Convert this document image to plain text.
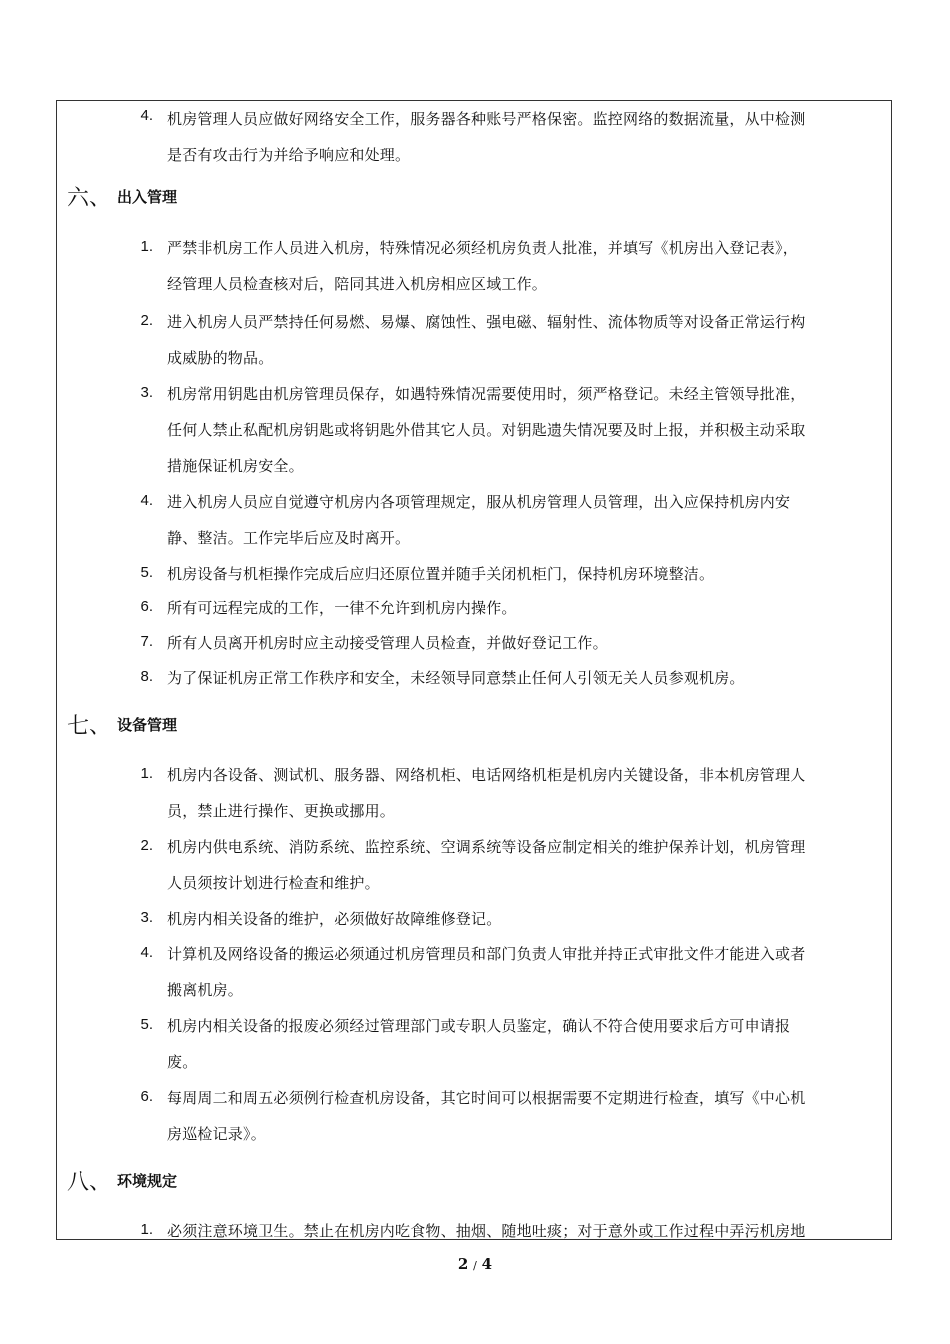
4. 机房管理人员应做好网络安全工作，服务器各种账号严格保密。监控网络的数据流量，从中检测
是否有攻击行为并给予响应和处理。
六、 出入管理
1. 严禁非机房工作人员进入机房，特殊情况必须经机房负责人批准，并填写《机房出入登记表》，
经管理人员检查核对后，陪同其进入机房相应区域工作。
2. 进入机房人员严禁持任何易燃、易爆、腐蚀性、强电磁、辐射性、流体物质等对设备正常运行构
成威胁的物品。
3. 机房常用钥匙由机房管理员保存，如遇特殊情况需要使用时，须严格登记。未经主管领导批准，
任何人禁止私配机房钥匙或将钥匙外借其它人员。对钥匙遗失情况要及时上报，并积极主动采取
措施保证机房安全。
4. 进入机房人员应自觉遵守机房内各项管理规定，服从机房管理人员管理，出入应保持机房内安
静、整洁。工作完毕后应及时离开。
5. 机房设备与机柜操作完成后应归还原位置并随手关闭机柜门，保持机房环境整洁。
6. 所有可远程完成的工作，一律不允许到机房内操作。
7. 所有人员离开机房时应主动接受管理人员检查，并做好登记工作。
8. 为了保证机房正常工作秩序和安全，未经领导同意禁止任何人引领无关人员参观机房。
七、 设备管理
1. 机房内各设备、测试机、服务器、网络机柜、电话网络机柜是机房内关键设备，非本机房管理人
员，禁止进行操作、更换或挪用。
2. 机房内供电系统、消防系统、监控系统、空调系统等设备应制定相关的维护保养计划，机房管理
人员须按计划进行检查和维护。
3. 机房内相关设备的维护，必须做好故障维修登记。
4. 计算机及网络设备的搬运必须通过机房管理员和部门负责人审批并持正式审批文件才能进入或者
搬离机房。
5. 机房内相关设备的报废必须经过管理部门或专职人员鉴定，确认不符合使用要求后方可申请报
废。
6. 每周周二和周五必须例行检查机房设备，其它时间可以根据需要不定期进行检查，填写《中心机
房巡检记录》。
八、 环境规定
1. 必须注意环境卫生。禁止在机房内吃食物、抽烟、随地吐痰；对于意外或工作过程中弄污机房地
2 / 4
